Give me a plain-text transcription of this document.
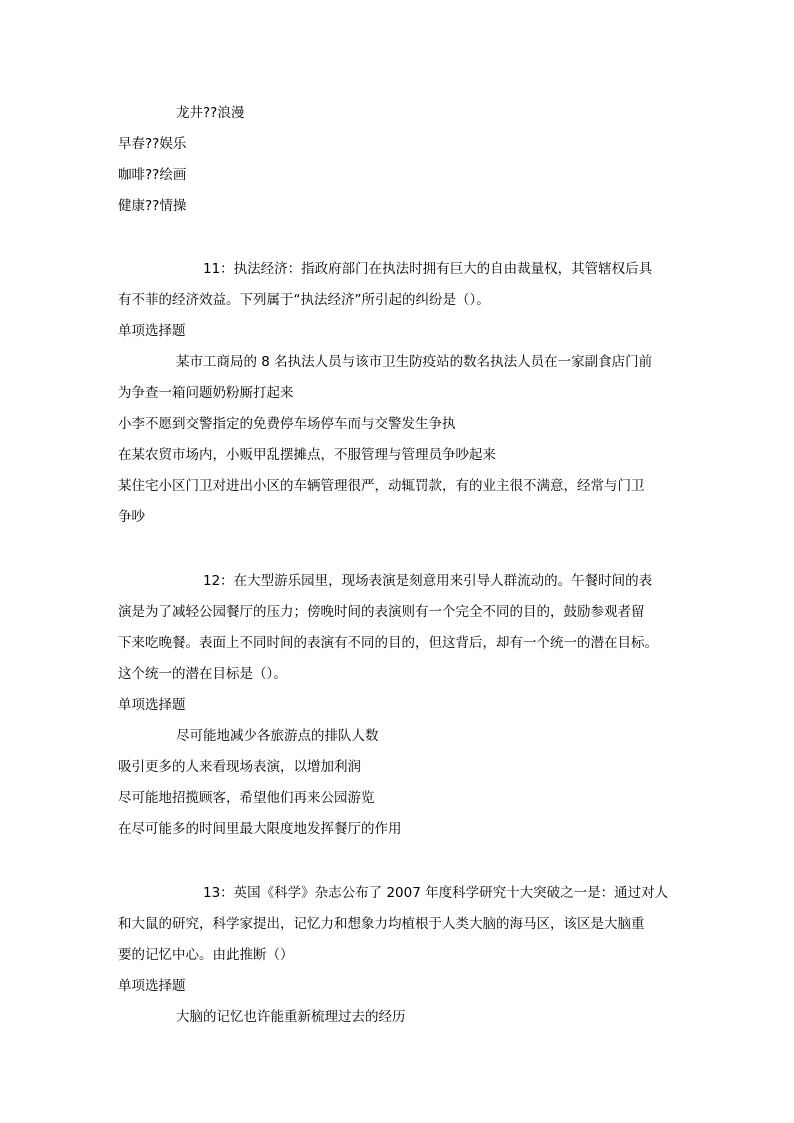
龙井??浪漫
早春??娱乐
咖啡??绘画
健康??情操
11：执法经济：指政府部门在执法时拥有巨大的自由裁量权，其管辖权后具
有不菲的经济效益。下列属于“执法经济”所引起的纠纷是（）。
单项选择题
某市工商局的 8 名执法人员与该市卫生防疫站的数名执法人员在一家副食店门前
为争查一箱问题奶粉厮打起来
小李不愿到交警指定的免费停车场停车而与交警发生争执
在某农贸市场内，小贩甲乱摆摊点，不服管理与管理员争吵起来
某住宅小区门卫对进出小区的车辆管理很严，动辄罚款，有的业主很不满意，经常与门卫
争吵
12：在大型游乐园里，现场表演是刻意用来引导人群流动的。午餐时间的表
演是为了减轻公园餐厅的压力；傍晚时间的表演则有一个完全不同的目的，鼓励参观者留
下来吃晚餐。表面上不同时间的表演有不同的目的，但这背后，却有一个统一的潜在目标。
这个统一的潜在目标是（）。
单项选择题
尽可能地减少各旅游点的排队人数
吸引更多的人来看现场表演，以增加利润
尽可能地招揽顾客，希望他们再来公园游览
在尽可能多的时间里最大限度地发挥餐厅的作用
13：英国《科学》杂志公布了 2007 年度科学研究十大突破之一是：通过对人
和大鼠的研究，科学家提出，记忆力和想象力均植根于人类大脑的海马区，该区是大脑重
要的记忆中心。由此推断（）
单项选择题
大脑的记忆也许能重新梳理过去的经历
